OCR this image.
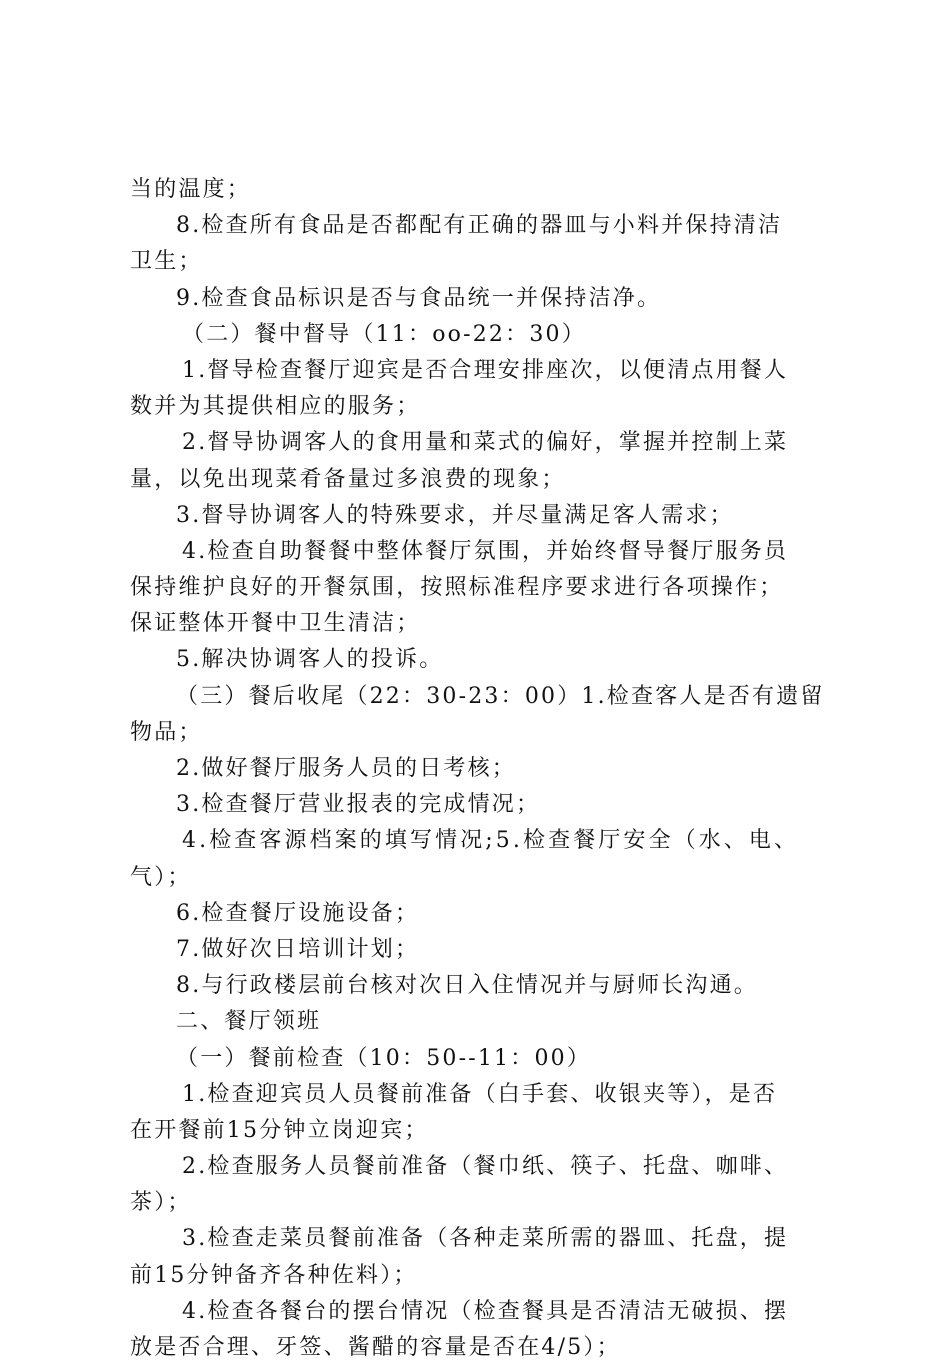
当的温度；
8.检查所有食品是否都配有正确的器皿与小料并保持清洁
卫生；
9.检查食品标识是否与食品统一并保持洁净。
（二）餐中督导（11：oo-22：30）
1.督导检查餐厅迎宾是否合理安排座次，以便清点用餐人
数并为其提供相应的服务；
2.督导协调客人的食用量和菜式的偏好，掌握并控制上菜
量，以免出现菜肴备量过多浪费的现象；
3.督导协调客人的特殊要求，并尽量满足客人需求；
4.检查自助餐餐中整体餐厅氛围，并始终督导餐厅服务员
保持维护良好的开餐氛围，按照标准程序要求进行各项操作；
保证整体开餐中卫生清洁；
5.解决协调客人的投诉。
（三）餐后收尾（22：30-23：00）1.检查客人是否有遗留
物品；
2.做好餐厅服务人员的日考核；
3.检查餐厅营业报表的完成情况；
4.检查客源档案的填写情况;5.检查餐厅安全（水、电、
气）；
6.检查餐厅设施设备；
7.做好次日培训计划；
8.与行政楼层前台核对次日入住情况并与厨师长沟通。
二、餐厅领班
（一）餐前检查（10：50--11：00）
1.检查迎宾员人员餐前准备（白手套、收银夹等），是否
在开餐前15分钟立岗迎宾；
2.检查服务人员餐前准备（餐巾纸、筷子、托盘、咖啡、
茶）；
3.检查走菜员餐前准备（各种走菜所需的器皿、托盘，提
前15分钟备齐各种佐料）；
4.检查各餐台的摆台情况（检查餐具是否清洁无破损、摆
放是否合理、牙签、酱醋的容量是否在4/5）；
